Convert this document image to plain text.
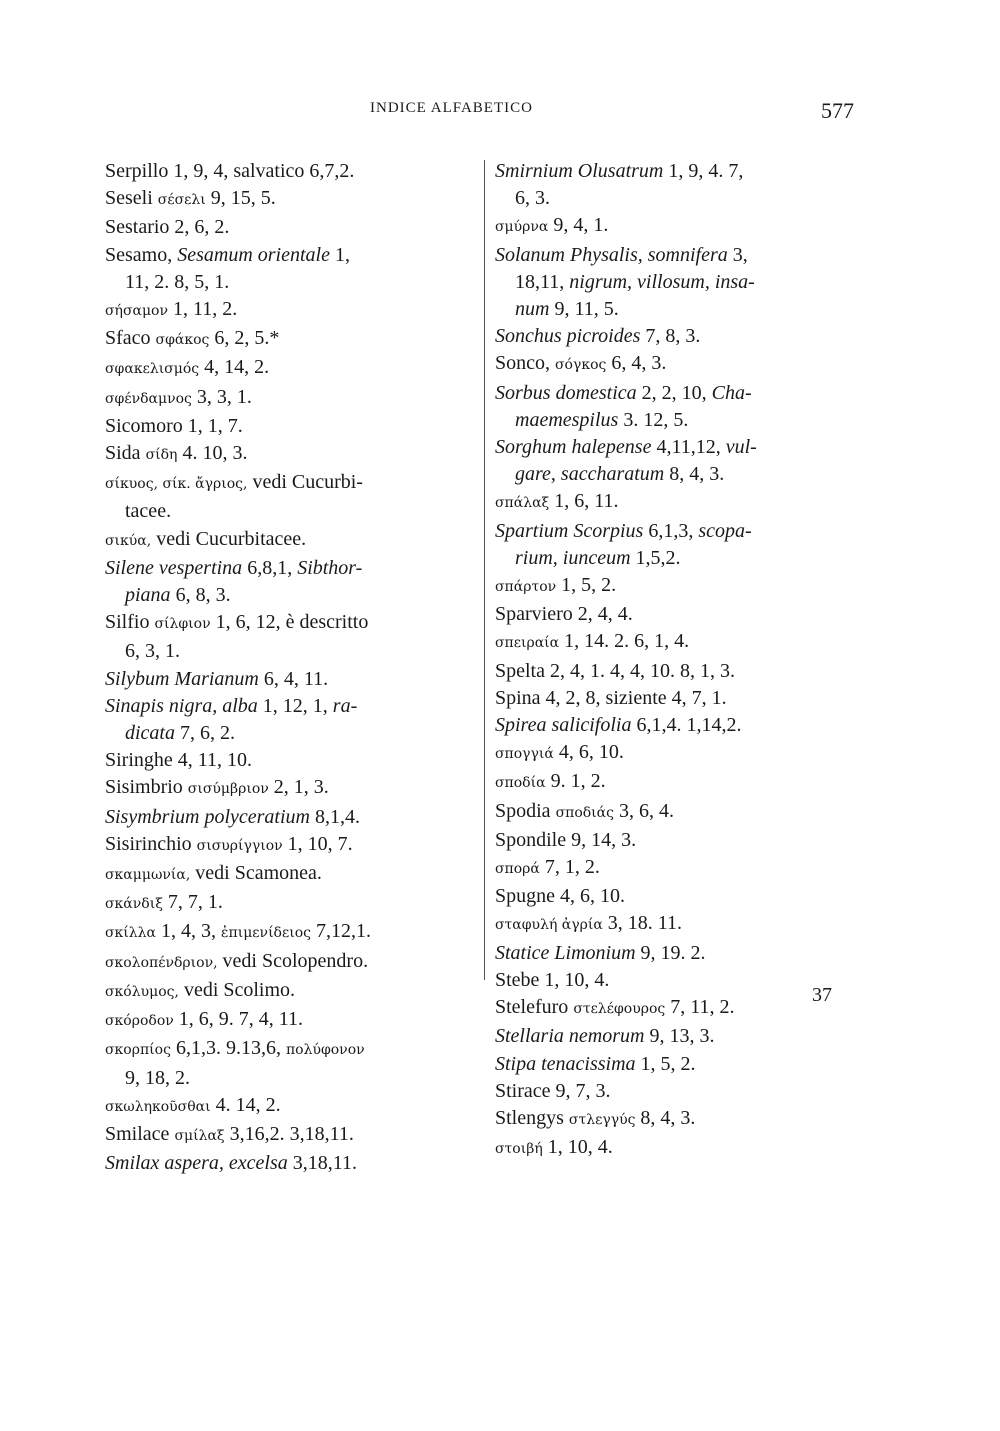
INDICE ALFABETICO	577
Serpillo 1, 9, 4, salvatico 6,7,2.
Seseli σέσελι 9, 15, 5.
Sestario 2, 6, 2.
Sesamo, Sesamum orientale 1,
11, 2. 8, 5, 1.
σήσαμον 1, 11, 2.
Sfaco σφάκος 6, 2, 5.*
σφακελισμός 4, 14, 2.
σφένδαμνος 3, 3, 1.
Sicomoro 1, 1, 7.
Sida σίδη 4. 10, 3.
σίκυος, σίκ. ἄγριος, vedi Cucurbi-
tacee.
σικύα, vedi Cucurbitacee.
Silene vespertina 6,8,1, Sibthor-
piana 6, 8, 3.
Silfio σίλφιον 1, 6, 12, è descritto
6, 3, 1.
Silybum Marianum 6, 4, 11.
Sinapis nigra, alba 1, 12, 1, ra-
dicata 7, 6, 2.
Siringhe 4, 11, 10.
Sisimbrio σισύμβριον 2, 1, 3.
Sisymbrium polyceratium 8,1,4.
Sisirinchio σισυρίγγιον 1, 10, 7.
σκαμμωνία, vedi Scamonea.
σκάνδιξ 7, 7, 1.
σκίλλα 1, 4, 3, ἐπιμενίδειος 7,12,1.
σκολοπένδριον, vedi Scolopendro.
σκόλυμος, vedi Scolimo.
σκόροδον 1, 6, 9. 7, 4, 11.
σκορπίος 6,1,3. 9.13,6, πολύφονον
9, 18, 2.
σκωληκοῦσθαι 4. 14, 2.
Smilace σμίλαξ 3,16,2. 3,18,11.
Smilax aspera, excelsa 3,18,11.
Smirnium Olusatrum 1, 9, 4. 7,
6, 3.
σμύρνα 9, 4, 1.
Solanum Physalis, somnifera 3,
18,11, nigrum, villosum, insa-
num 9, 11, 5.
Sonchus picroides 7, 8, 3.
Sonco, σόγκος 6, 4, 3.
Sorbus domestica 2, 2, 10, Cha-
maemespilus 3. 12, 5.
Sorghum halepense 4,11,12, vul-
gare, saccharatum 8, 4, 3.
σπάλαξ 1, 6, 11.
Spartium Scorpius 6,1,3, scopa-
rium, iunceum 1,5,2.
σπάρτον 1, 5, 2.
Sparviero 2, 4, 4.
σπειραία 1, 14. 2. 6, 1, 4.
Spelta 2, 4, 1. 4, 4, 10. 8, 1, 3.
Spina 4, 2, 8, siziente 4, 7, 1.
Spirea salicifolia 6,1,4. 1,14,2.
σπογγιά 4, 6, 10.
σποδία 9. 1, 2.
Spodia σποδιάς 3, 6, 4.
Spondile 9, 14, 3.
σπορά 7, 1, 2.
Spugne 4, 6, 10.
σταφυλή ἀγρία 3, 18. 11.
Statice Limonium 9, 19. 2.
Stebe 1, 10, 4.
Stelefuro στελέφουρος 7, 11, 2.
Stellaria nemorum 9, 13, 3.
Stipa tenacissima 1, 5, 2.
Stirace 9, 7, 3.
Stlengys στλεγγύς 8, 4, 3.
στοιβή 1, 10, 4.
37
